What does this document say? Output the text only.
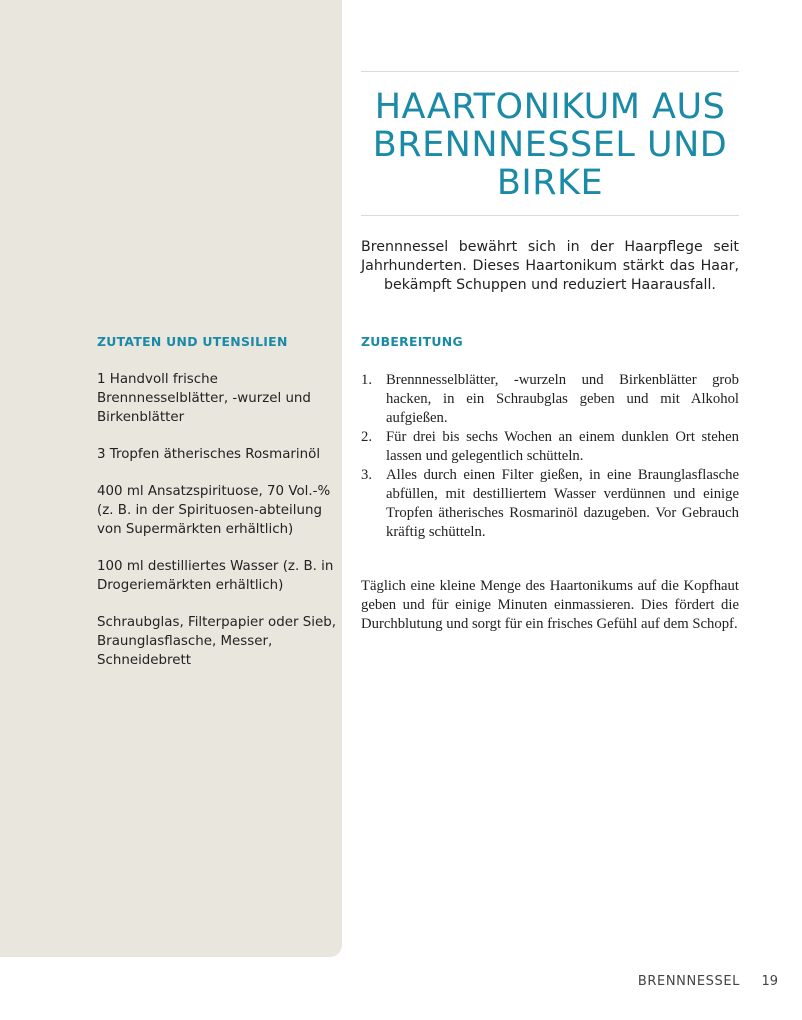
HAARTONIKUM AUS BRENNNESSEL UND BIRKE

Brennnessel bewährt sich in der Haarpflege seit Jahrhunderten. Dieses Haartonikum stärkt das Haar, bekämpft Schuppen und reduziert Haarausfall.

ZUTATEN UND UTENSILIEN
1 Handvoll frische Brennnesselblätter, -wurzel und Birkenblätter
3 Tropfen ätherisches Rosmarinöl
400 ml Ansatzspirituose, 70 Vol.-% (z. B. in der Spirituosen-abteilung von Supermärkten erhältlich)
100 ml destilliertes Wasser (z. B. in Drogeriemärkten erhältlich)
Schraubglas, Filterpapier oder Sieb, Braunglasflasche, Messer, Schneidebrett
ZUBEREITUNG
1. Brennnesselblätter, -wurzeln und Birkenblätter grob hacken, in ein Schraubglas geben und mit Alkohol aufgießen.
2. Für drei bis sechs Wochen an einem dunklen Ort stehen lassen und gelegentlich schütteln.
3. Alles durch einen Filter gießen, in eine Braunglasflasche abfüllen, mit destilliertem Wasser verdünnen und einige Tropfen ätherisches Rosmarinöl dazugeben. Vor Gebrauch kräftig schütteln.

Täglich eine kleine Menge des Haartonikums auf die Kopfhaut geben und für einige Minuten einmassieren. Dies fördert die Durchblutung und sorgt für ein frisches Gefühl auf dem Schopf.

BRENNNESSEL 19
